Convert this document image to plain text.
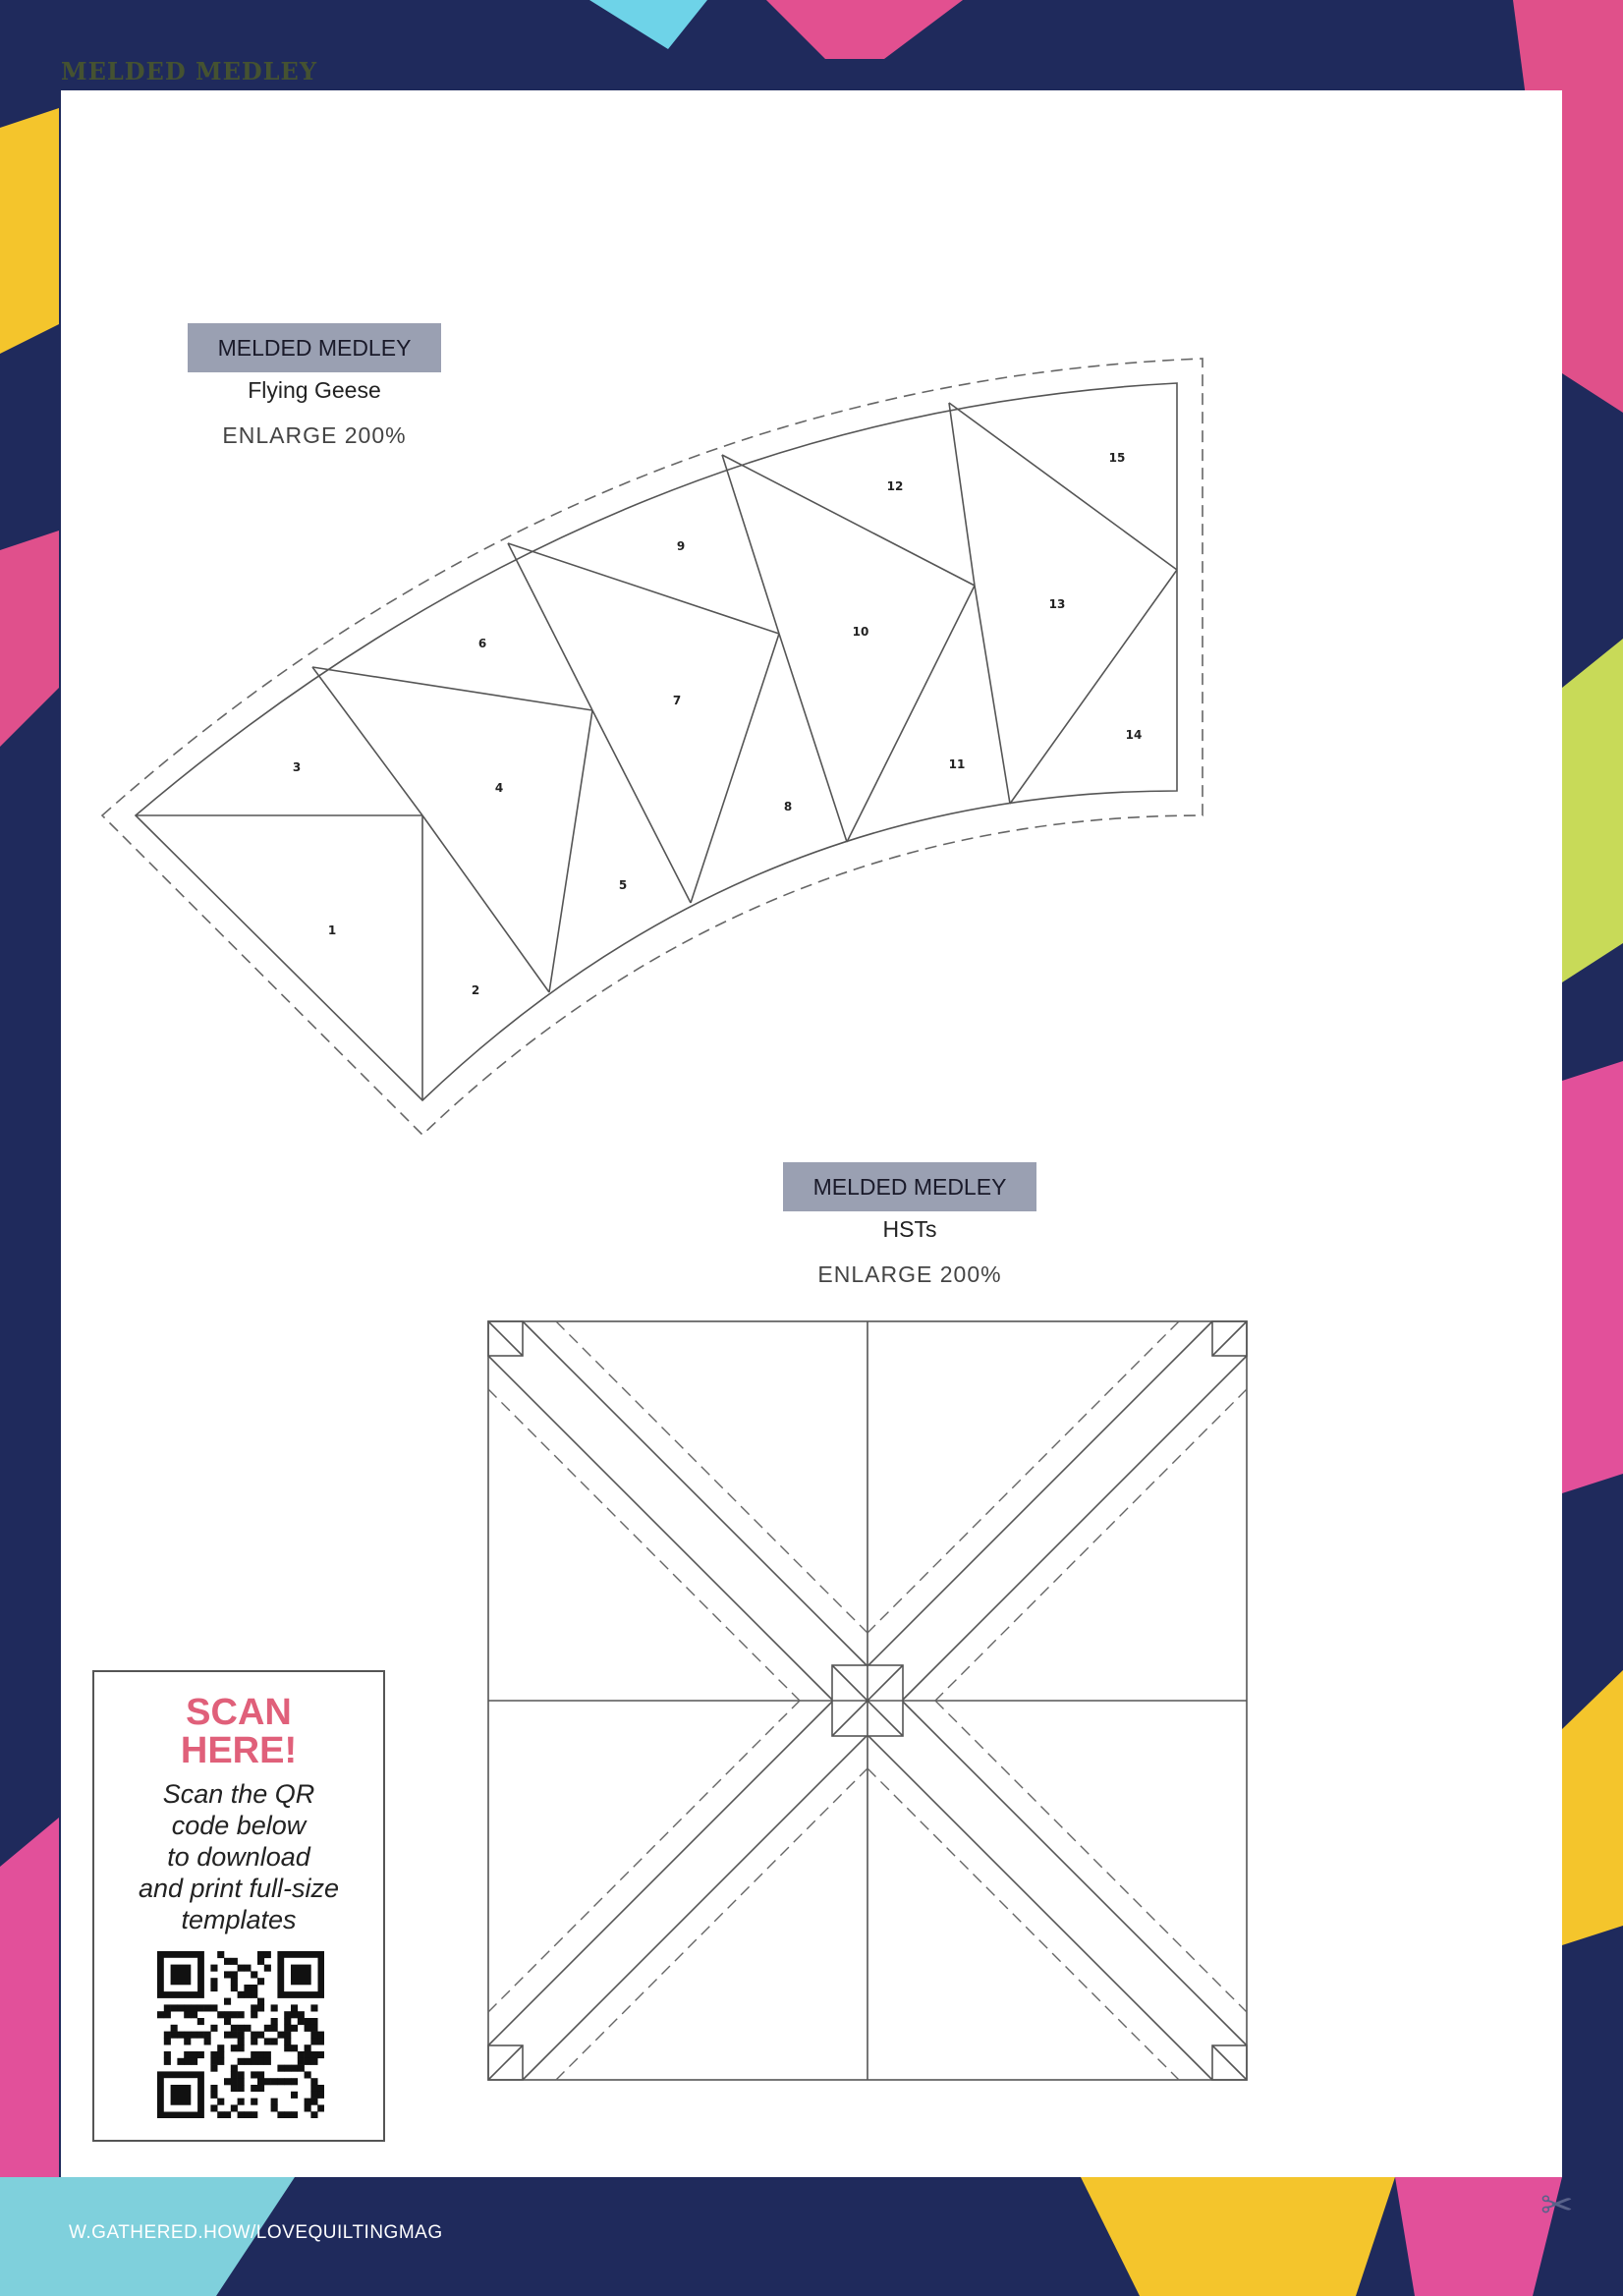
MELDED MEDLEY
MELDED MEDLEY
Flying Geese
ENLARGE 200%
1
2
3
4
5
6
7
8
9
10
11
12
13
14
15
MELDED MEDLEY
HSTs
ENLARGE 200%
SCAN
HERE!
Scan the QR
code below
to download
and print full-size
templates
W.GATHERED.HOW/LOVEQUILTINGMAG
✂
